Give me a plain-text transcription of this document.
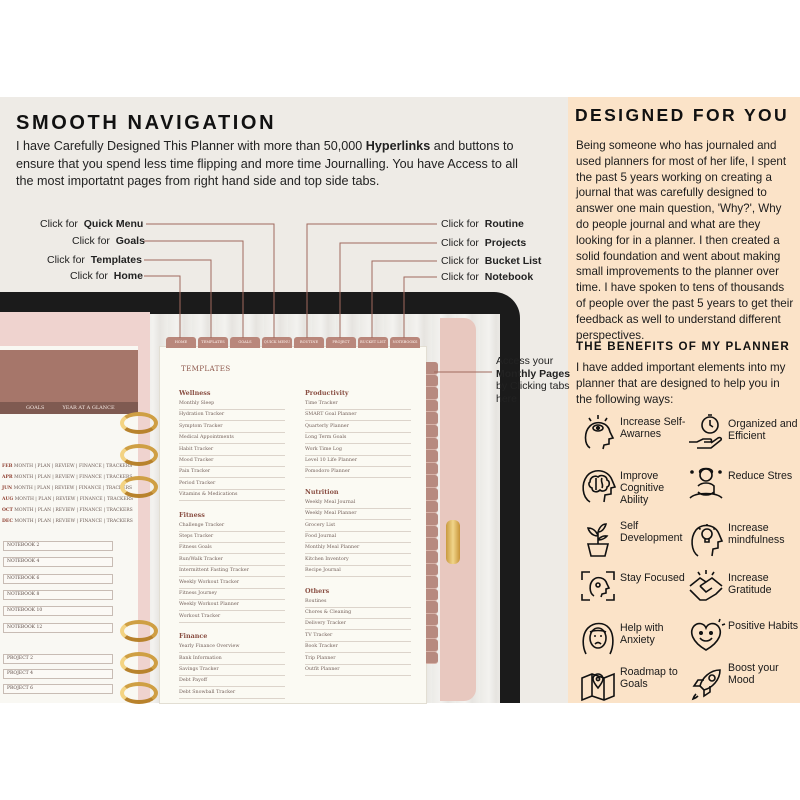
SMOOTH NAVIGATION
I have Carefully Designed This Planner with more than 50,000 Hyperlinks and buttons to ensure that you spend less time flipping and more time Journalling. You have Access to all the most importatnt pages from right hand side and top side tabs.
Click for Quick Menu
Click for Goals
Click for Templates
Click for Home
Click for Routine
Click for Projects
Click for Bucket List
Click for Notebook
GOALS	YEAR AT A GLANCE
FEB MONTH | PLAN | REVIEW | FINANCE | TRACKERS
APR MONTH | PLAN | REVIEW | FINANCE | TRACKERS
JUN MONTH | PLAN | REVIEW | FINANCE | TRACKERS
AUG MONTH | PLAN | REVIEW | FINANCE | TRACKERS
OCT MONTH | PLAN | REVIEW | FINANCE | TRACKERS
DEC MONTH | PLAN | REVIEW | FINANCE | TRACKERS
NOTEBOOK 2
NOTEBOOK 4
NOTEBOOK 6
NOTEBOOK 8
NOTEBOOK 10
NOTEBOOK 12
PROJECT 2
PROJECT 4
PROJECT 6
HOME	TEMPLATES	GOALS	QUICK MENU	ROUTINE	PROJECT	BUCKET LIST	NOTEBOOKS
TEMPLATES
Wellness
Monthly Sleep
Hydration Tracker
Symptom Tracker
Medical Appointments
Habit Tracker
Mood Tracker
Pain Tracker
Period Tracker
Vitamins & Medications
Fitness
Challenge Tracker
Steps Tracker
Fitness Goals
Run/Walk Tracker
Intermittent Fasting Tracker
Weekly Workout Tracker
Fitness Journey
Weekly Workout Planner
Workout Tracker
Finance
Yearly Finance Overview
Bank Information
Savings Tracker
Debt Payoff
Debt Snowball Tracker
Productivity
Time Tracker
SMART Goal Planner
Quarterly Planner
Long Term Goals
Work Time Log
Level 10 Life Planner
Pomodoro Planner
Nutrition
Weekly Meal Journal
Weekly Meal Planner
Grocery List
Food Journal
Monthly Meal Planner
Kitchen Inventory
Recipe Journal
Others
Routines
Chores & Cleaning
Delivery Tracker
TV Tracker
Book Tracker
Trip Planner
Outfit Planner
Access your
Monthly Pages
by Clicking tabs here
DESIGNED FOR YOU
Being someone who has journaled and used planners for most of her life, I spent the past 5 years working on creating a journal that was carefully designed to answer one main question, 'Why?', Why do people journal and what are they looking for in a planner. I then created a solid foundation and went about making small improvements to the planner over time. I have spoken to tens of thousands of people over the past 5 years to get their feedback as well to understand different perspectives.
THE BENEFITS OF MY PLANNER
I have added important elements into my planner that are designed to help you in the following ways:
Increase Self-Awarnes
Organized and Efficient
Improve Cognitive Ability
Reduce Stres
Self Development
Increase mindfulness
Stay Focused	Increase Gratitude
Help with Anxiety
Positive Habits
Roadmap to Goals
Boost your Mood
